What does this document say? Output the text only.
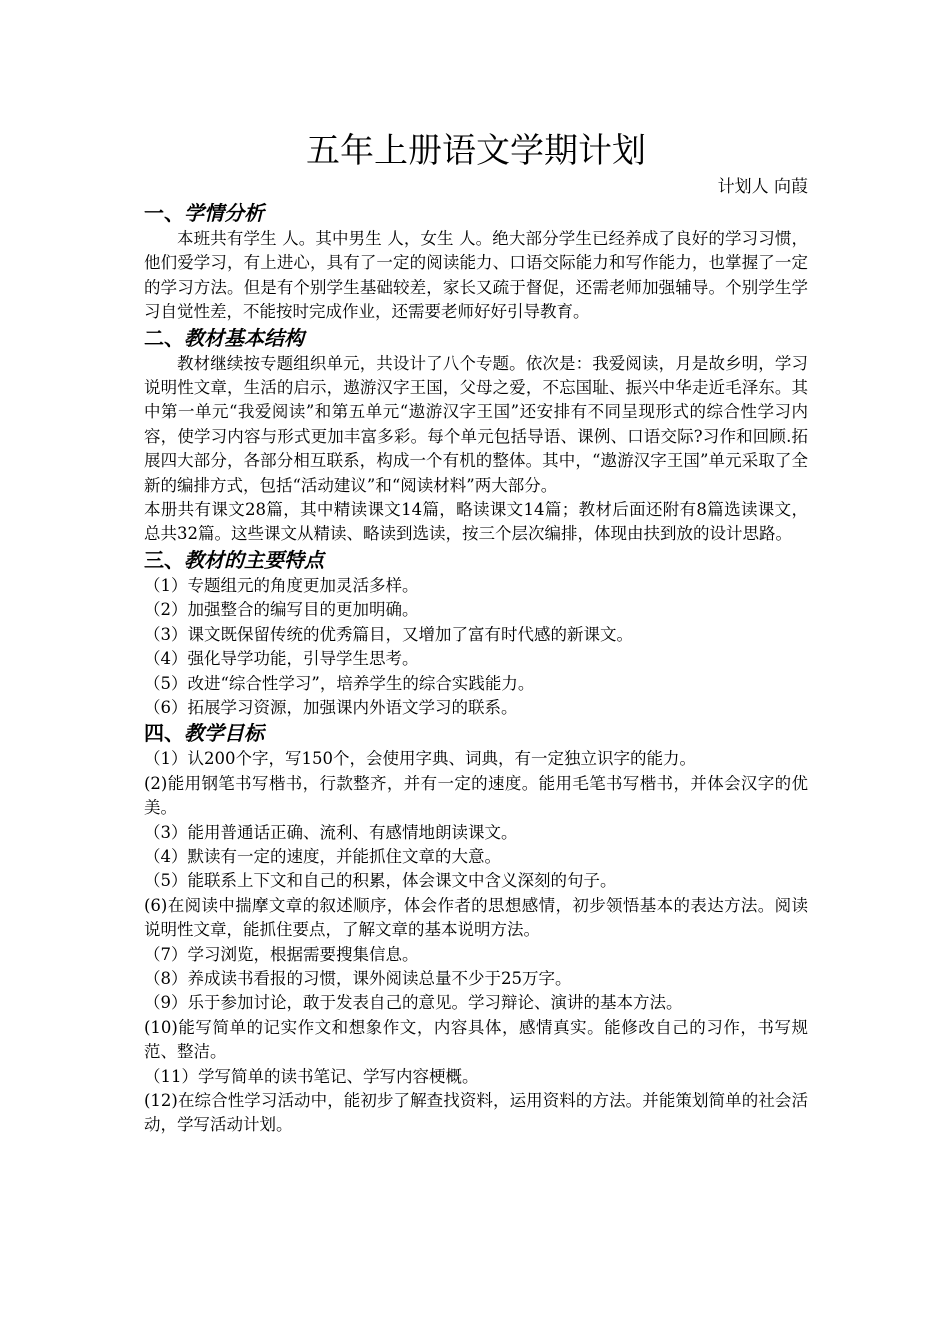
五年上册语文学期计划

计划人 向葭

一、学情分析

本班共有学生 人。其中男生 人，女生 人。绝大部分学生已经养成了良好的学习习惯，他们爱学习，有上进心，具有了一定的阅读能力、口语交际能力和写作能力，也掌握了一定的学习方法。但是有个别学生基础较差，家长又疏于督促，还需老师加强辅导。个别学生学习自觉性差，不能按时完成作业，还需要老师好好引导教育。

二、教材基本结构

教材继续按专题组织单元，共设计了八个专题。依次是：我爱阅读，月是故乡明，学习说明性文章，生活的启示，遨游汉字王国，父母之爱，不忘国耻、振兴中华走近毛泽东。其中第一单元“我爱阅读”和第五单元“遨游汉字王国”还安排有不同呈现形式的综合性学习内容，使学习内容与形式更加丰富多彩。每个单元包括导语、课例、口语交际?习作和回顾.拓展四大部分，各部分相互联系，构成一个有机的整体。其中，“遨游汉字王国”单元采取了全新的编排方式，包括“活动建议”和“阅读材料”两大部分。

本册共有课文28篇，其中精读课文14篇，略读课文14篇；教材后面还附有8篇选读课文，总共32篇。这些课文从精读、略读到选读，按三个层次编排，体现由扶到放的设计思路。

三、教材的主要特点

（1）专题组元的角度更加灵活多样。

（2）加强整合的编写目的更加明确。

（3）课文既保留传统的优秀篇目，又增加了富有时代感的新课文。

（4）强化导学功能，引导学生思考。

（5）改进“综合性学习”，培养学生的综合实践能力。

（6）拓展学习资源，加强课内外语文学习的联系。

四、教学目标

（1）认200个字，写150个，会使用字典、词典，有一定独立识字的能力。

(2)能用钢笔书写楷书，行款整齐，并有一定的速度。能用毛笔书写楷书，并体会汉字的优美。

（3）能用普通话正确、流利、有感情地朗读课文。

（4）默读有一定的速度，并能抓住文章的大意。

（5）能联系上下文和自己的积累，体会课文中含义深刻的句子。

(6)在阅读中揣摩文章的叙述顺序，体会作者的思想感情，初步领悟基本的表达方法。阅读说明性文章，能抓住要点，了解文章的基本说明方法。

（7）学习浏览，根据需要搜集信息。

（8）养成读书看报的习惯，课外阅读总量不少于25万字。

（9）乐于参加讨论，敢于发表自己的意见。学习辩论、演讲的基本方法。

(10)能写简单的记实作文和想象作文，内容具体，感情真实。能修改自己的习作，书写规范、整洁。

（11）学写简单的读书笔记、学写内容梗概。

(12)在综合性学习活动中，能初步了解查找资料，运用资料的方法。并能策划简单的社会活动，学写活动计划。
